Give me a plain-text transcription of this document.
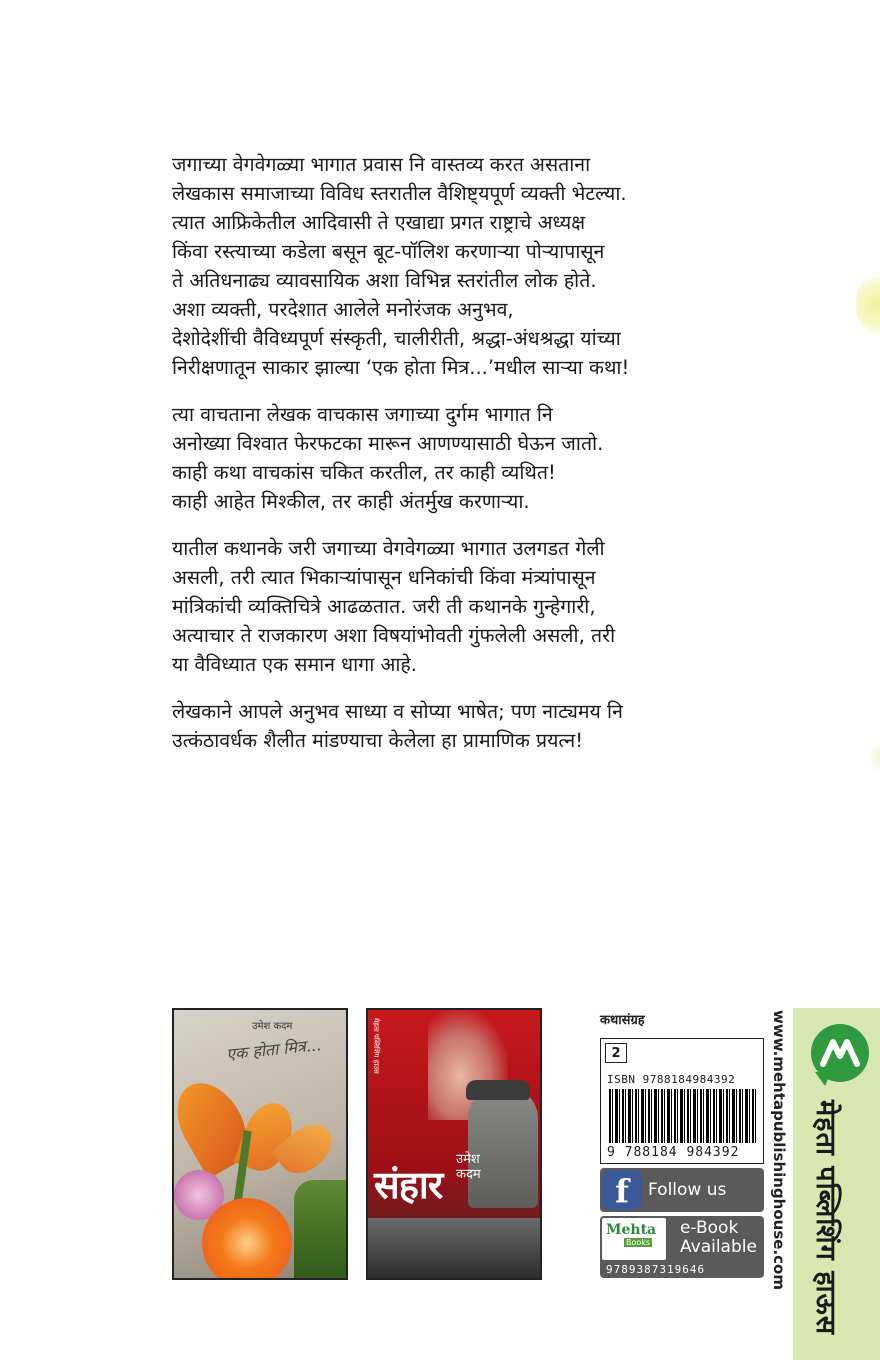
जगाच्या वेगवेगळ्या भागात प्रवास नि वास्तव्य करत असताना
लेखकास समाजाच्या विविध स्तरातील वैशिष्ट्यपूर्ण व्यक्ती भेटल्या.
त्यात आफ्रिकेतील आदिवासी ते एखाद्या प्रगत राष्ट्राचे अध्यक्ष
किंवा रस्त्याच्या कडेला बसून बूट-पॉलिश करणाऱ्या पोऱ्यापासून
ते अतिधनाढ्य व्यावसायिक अशा विभिन्न स्तरांतील लोक होते.
अशा व्यक्ती, परदेशात आलेले मनोरंजक अनुभव,
देशोदेशींची वैविध्यपूर्ण संस्कृती, चालीरीती, श्रद्धा-अंधश्रद्धा यांच्या
निरीक्षणातून साकार झाल्या ‘एक होता मित्र...’मधील साऱ्या कथा!
त्या वाचताना लेखक वाचकास जगाच्या दुर्गम भागात नि
अनोख्या विश्वात फेरफटका मारून आणण्यासाठी घेऊन जातो.
काही कथा वाचकांस चकित करतील, तर काही व्यथित!
काही आहेत मिश्कील, तर काही अंतर्मुख करणाऱ्या.
यातील कथानके जरी जगाच्या वेगवेगळ्या भागात उलगडत गेली
असली, तरी त्यात भिकाऱ्यांपासून धनिकांची किंवा मंत्र्यांपासून
मांत्रिकांची व्यक्तिचित्रे आढळतात. जरी ती कथानके गुन्हेगारी,
अत्याचार ते राजकारण अशा विषयांभोवती गुंफलेली असली, तरी
या वैविध्यात एक समान धागा आहे.
लेखकाने आपले अनुभव साध्या व सोप्या भाषेत; पण नाट्यमय नि
उत्कंठावर्धक शैलीत मांडण्याचा केलेला हा प्रामाणिक प्रयत्न!
उमेश कदम
एक होता मित्र...	मेहता पब्लिशिंग हाउस
संहार
उमेश कदम
कथासंग्रह
2
ISBN 9788184984392
9 788184 984392
f	Follow us
Mehta
Books
e-Book
Available
9789387319646	www.mehtapublishinghouse.com मेहता पब्लिशिंग हाऊस
